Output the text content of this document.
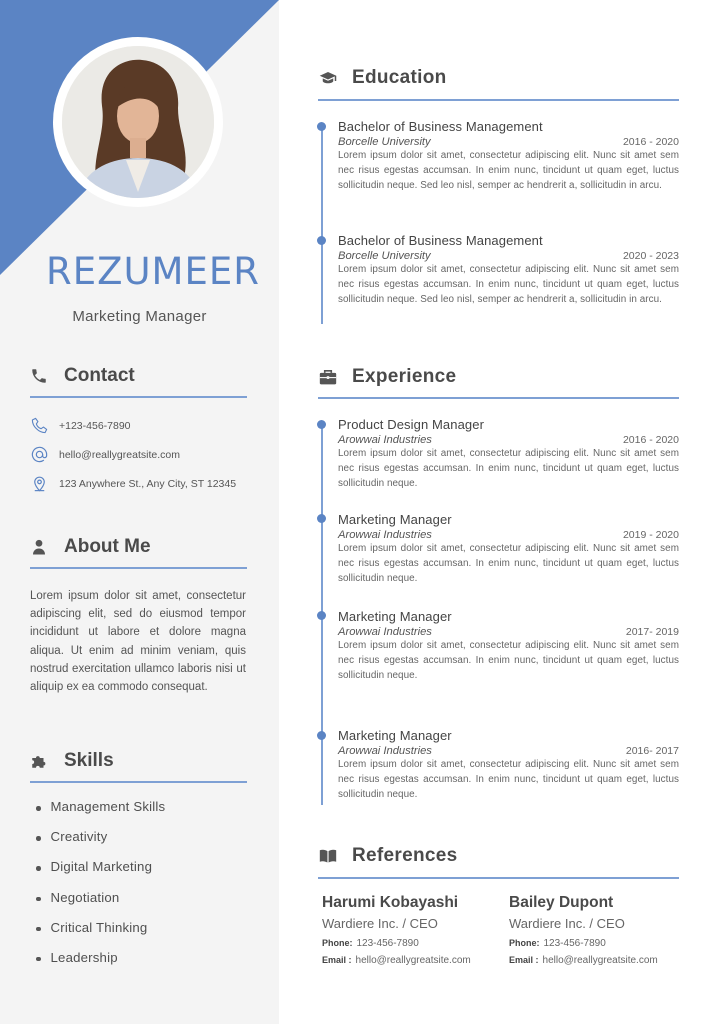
REZUMEER
Marketing Manager
Contact
+123-456-7890
hello@reallygreatsite.com
123 Anywhere St., Any City, ST 12345
About Me
Lorem ipsum dolor sit amet, consectetur adipiscing elit, sed do eiusmod tempor incididunt ut labore et dolore magna aliqua. Ut enim ad minim veniam, quis nostrud exercitation ullamco laboris nisi ut aliquip ex ea commodo consequat.
Skills
Management Skills
Creativity
Digital Marketing
Negotiation
Critical Thinking
Leadership
Education
Bachelor of Business Management
Borcelle University	2016 - 2020
Lorem ipsum dolor sit amet, consectetur adipiscing elit. Nunc sit amet sem nec risus egestas accumsan. In enim nunc, tincidunt ut quam eget, luctus sollicitudin neque. Sed leo nisl, semper ac hendrerit a, sollicitudin in arcu.
Bachelor of Business Management
Borcelle University	2020 - 2023
Lorem ipsum dolor sit amet, consectetur adipiscing elit. Nunc sit amet sem nec risus egestas accumsan. In enim nunc, tincidunt ut quam eget, luctus sollicitudin neque. Sed leo nisl, semper ac hendrerit a, sollicitudin in arcu.
Experience
Product Design Manager
Arowwai Industries	2016 - 2020
Lorem ipsum dolor sit amet, consectetur adipiscing elit. Nunc sit amet sem nec risus egestas accumsan. In enim nunc, tincidunt ut quam eget, luctus sollicitudin neque.
Marketing Manager
Arowwai Industries	2019 - 2020
Lorem ipsum dolor sit amet, consectetur adipiscing elit. Nunc sit amet sem nec risus egestas accumsan. In enim nunc, tincidunt ut quam eget, luctus sollicitudin neque.
Marketing Manager
Arowwai Industries	2017- 2019
Lorem ipsum dolor sit amet, consectetur adipiscing elit. Nunc sit amet sem nec risus egestas accumsan. In enim nunc, tincidunt ut quam eget, luctus sollicitudin neque.
Marketing Manager
Arowwai Industries	2016- 2017
Lorem ipsum dolor sit amet, consectetur adipiscing elit. Nunc sit amet sem nec risus egestas accumsan. In enim nunc, tincidunt ut quam eget, luctus sollicitudin neque.
References
Harumi Kobayashi
Wardiere Inc. / CEO
Phone: 123-456-7890
Email : hello@reallygreatsite.com
Bailey Dupont
Wardiere Inc. / CEO
Phone: 123-456-7890
Email : hello@reallygreatsite.com
